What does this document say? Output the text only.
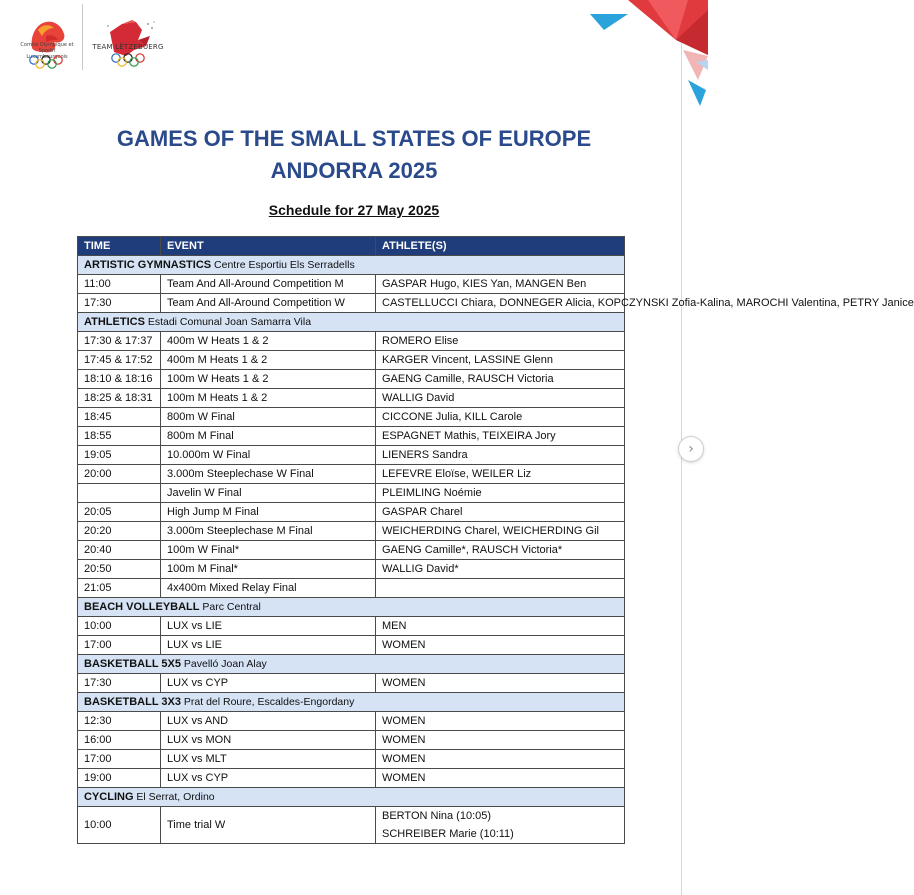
Comité Olympique et Sportif Luxembourgeois
TEAM LËTZEBUERG
›
GAMES OF THE SMALL STATES OF EUROPE
ANDORRA 2025
Schedule for 27 May 2025
TIME	EVENT	ATHLETE(S)
ARTISTIC GYMNASTICS Centre Esportiu Els Serradells		
11:00	Team And All-Around Competition M	GASPAR Hugo, KIES Yan, MANGEN Ben
17:30	Team And All-Around Competition W	CASTELLUCCI Chiara, DONNEGER Alicia, KOPCZYNSKI Zofia-Kalina, MAROCHI Valentina, PETRY Janice
ATHLETICS Estadi Comunal Joan Samarra Vila		
17:30 & 17:37	400m W Heats 1 & 2	ROMERO Elise
17:45 & 17:52	400m M Heats 1 & 2	KARGER Vincent, LASSINE Glenn
18:10 & 18:16	100m W Heats 1 & 2	GAENG Camille, RAUSCH Victoria
18:25 & 18:31	100m M Heats 1 & 2	WALLIG David
18:45	800m W Final	CICCONE Julia, KILL Carole
18:55	800m M Final	ESPAGNET Mathis, TEIXEIRA Jory
19:05	10.000m W Final	LIENERS Sandra
20:00	3.000m Steeplechase W Final	LEFEVRE Eloïse, WEILER Liz
	Javelin W Final	PLEIMLING Noémie
20:05	High Jump M Final	GASPAR Charel
20:20	3.000m Steeplechase M Final	WEICHERDING Charel, WEICHERDING Gil
20:40	100m W Final*	GAENG Camille*, RAUSCH Victoria*
20:50	100m M Final*	WALLIG David*
21:05	4x400m Mixed Relay Final	
BEACH VOLLEYBALL Parc Central		
10:00	LUX vs LIE	MEN
17:00	LUX vs LIE	WOMEN
BASKETBALL 5X5 Pavelló Joan Alay		
17:30	LUX vs CYP	WOMEN
BASKETBALL 3X3 Prat del Roure, Escaldes-Engordany		
12:30	LUX vs AND	WOMEN
16:00	LUX vs MON	WOMEN
17:00	LUX vs MLT	WOMEN
19:00	LUX vs CYP	WOMEN
CYCLING El Serrat, Ordino		
10:00	Time trial W	BERTON Nina (10:05)
SCHREIBER Marie (10:11)
